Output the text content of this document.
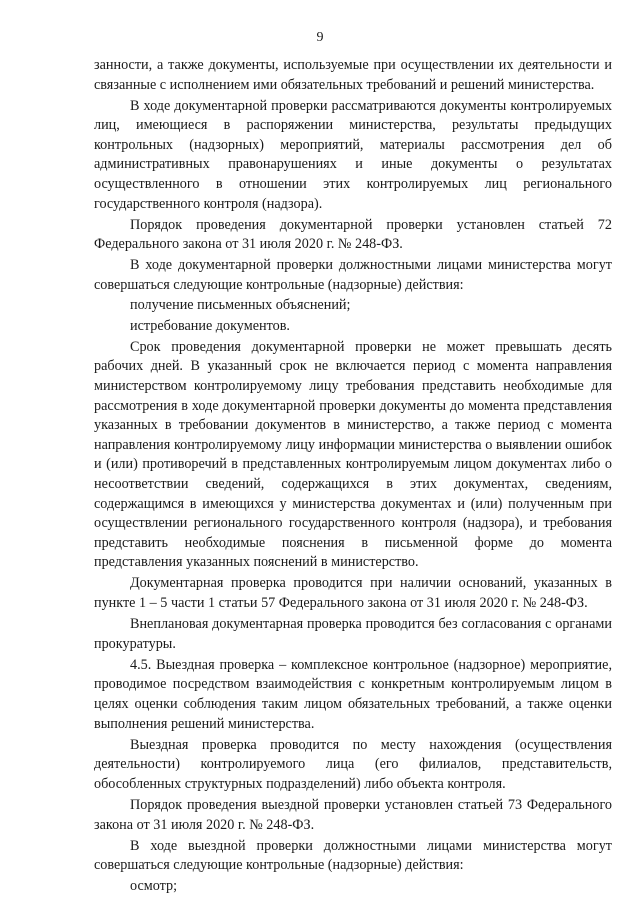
9

занности, а также документы, используемые при осуществлении их деятельности и связанные с исполнением ими обязательных требований и решений министерства.

В ходе документарной проверки рассматриваются документы контролируемых лиц, имеющиеся в распоряжении министерства, результаты предыдущих контрольных (надзорных) мероприятий, материалы рассмотрения дел об административных правонарушениях и иные документы о результатах осуществленного в отношении этих контролируемых лиц регионального государственного контроля (надзора).

Порядок проведения документарной проверки установлен статьей 72 Федерального закона от 31 июля 2020 г. № 248-ФЗ.

В ходе документарной проверки должностными лицами министерства могут совершаться следующие контрольные (надзорные) действия:

получение письменных объяснений;

истребование документов.

Срок проведения документарной проверки не может превышать десять рабочих дней. В указанный срок не включается период с момента направления министерством контролируемому лицу требования представить необходимые для рассмотрения в ходе документарной проверки документы до момента представления указанных в требовании документов в министерство, а также период с момента направления контролируемому лицу информации министерства о выявлении ошибок и (или) противоречий в представленных контролируемым лицом документах либо о несоответствии сведений, содержащихся в этих документах, сведениям, содержащимся в имеющихся у министерства документах и (или) полученным при осуществлении регионального государственного контроля (надзора), и требования представить необходимые пояснения в письменной форме до момента представления указанных пояснений в министерство.

Документарная проверка проводится при наличии оснований, указанных в пункте 1 – 5 части 1 статьи 57 Федерального закона от 31 июля 2020 г. № 248-ФЗ.

Внеплановая документарная проверка проводится без согласования с органами прокуратуры.

4.5. Выездная проверка – комплексное контрольное (надзорное) мероприятие, проводимое посредством взаимодействия с конкретным контролируемым лицом в целях оценки соблюдения таким лицом обязательных требований, а также оценки выполнения решений министерства.

Выездная проверка проводится по месту нахождения (осуществления деятельности) контролируемого лица (его филиалов, представительств, обособленных структурных подразделений) либо объекта контроля.

Порядок проведения выездной проверки установлен статьей 73 Федерального закона от 31 июля 2020 г. № 248-ФЗ.

В ходе выездной проверки должностными лицами министерства могут совершаться следующие контрольные (надзорные) действия:

осмотр;
